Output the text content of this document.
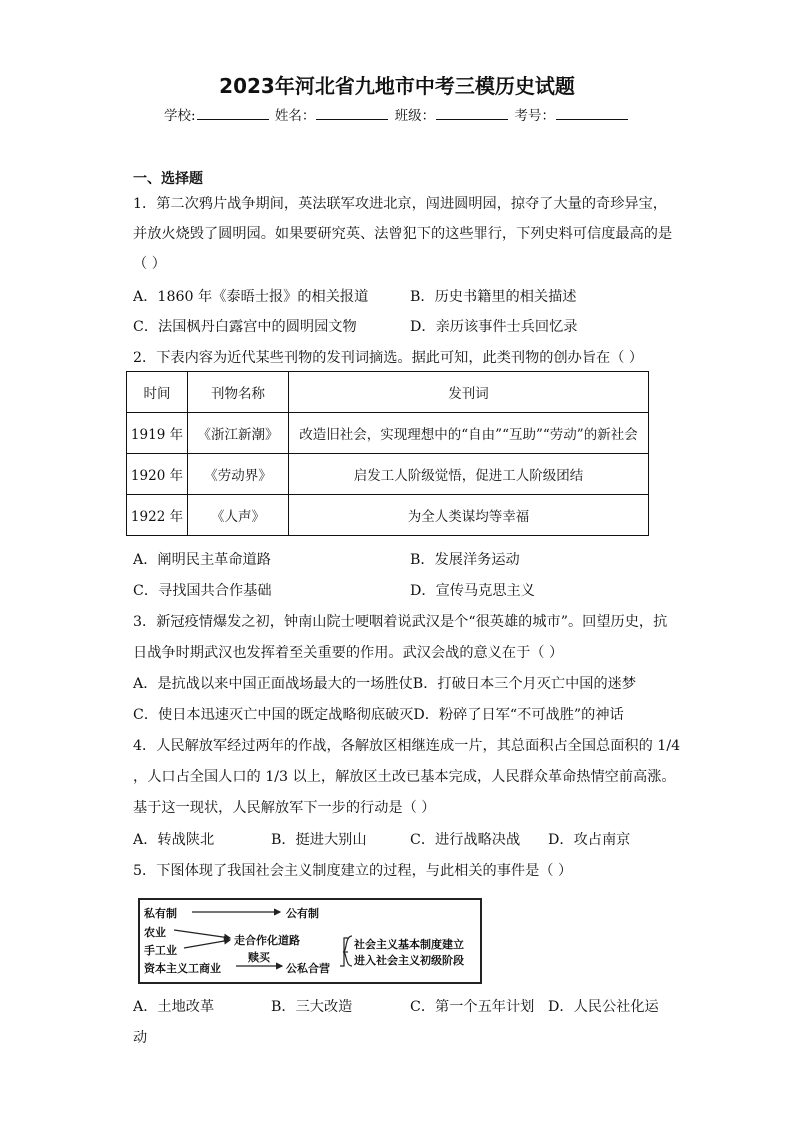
2023年河北省九地市中考三模历史试题
学校:	姓名：	班级：	考号：
一、选择题
1．第二次鸦片战争期间，英法联军攻进北京，闯进圆明园，掠夺了大量的奇珍异宝，
并放火烧毁了圆明园。如果要研究英、法曾犯下的这些罪行，下列史料可信度最高的是
（ ）
A．1860 年《泰晤士报》的相关报道	B．历史书籍里的相关描述
C．法国枫丹白露宫中的圆明园文物	D．亲历该事件士兵回忆录
2．下表内容为近代某些刊物的发刊词摘选。据此可知，此类刊物的创办旨在（ ）
时间	刊物名称	发刊词
1919 年	《浙江新潮》	改造旧社会，实现理想中的“自由”“互助”“劳动”的新社会
1920 年	《劳动界》	启发工人阶级觉悟，促进工人阶级团结
1922 年	《人声》	为全人类谋均等幸福
A．阐明民主革命道路	B．发展洋务运动
C．寻找国共合作基础	D．宣传马克思主义
3．新冠疫情爆发之初，钟南山院士哽咽着说武汉是个“很英雄的城市”。回望历史，抗
日战争时期武汉也发挥着至关重要的作用。武汉会战的意义在于（ ）
A．是抗战以来中国正面战场最大的一场胜仗B．打破日本三个月灭亡中国的迷梦
C．使日本迅速灭亡中国的既定战略彻底破灭D．粉碎了日军“不可战胜”的神话
4．人民解放军经过两年的作战，各解放区相继连成一片，其总面积占全国总面积的 1/4
，人口占全国人口的 1/3 以上，解放区土改已基本完成，人民群众革命热情空前高涨。
基于这一现状，人民解放军下一步的行动是（ ）
A．转战陕北	B．挺进大别山	C．进行战略决战 D．攻占南京
5．下图体现了我国社会主义制度建立的过程，与此相关的事件是（ ）
私有制	公有制
农业
走合作化道路
手工业
赎买
资本主义工商业	公私合营
社会主义基本制度建立
进入社会主义初级阶段
A．土地改革	B．三大改造	C．第一个五年计划 D．人民公社化运
动
